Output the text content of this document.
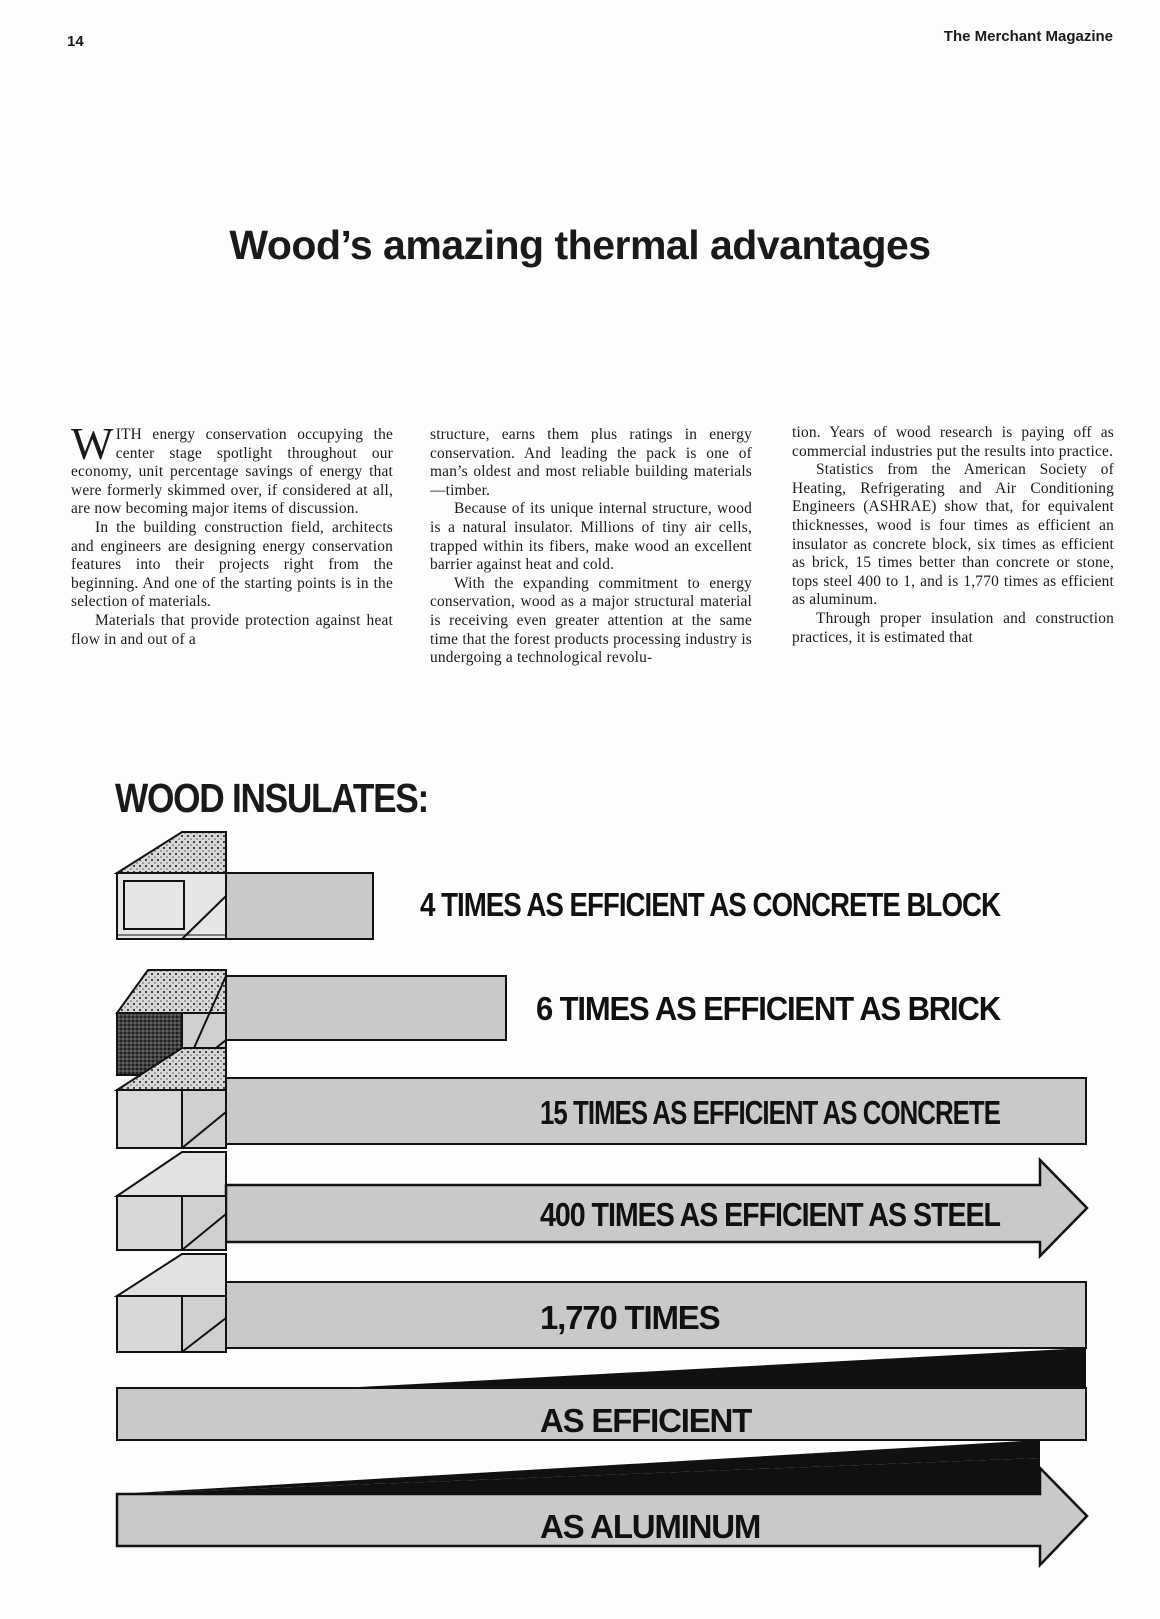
14	The Merchant Magazine
Wood’s amazing thermal advantages

WITH energy conservation occupying the center stage spotlight throughout our economy, unit percentage savings of energy that were formerly skimmed over, if considered at all, are now becoming major items of discussion.

In the building construction field, architects and engineers are designing energy conservation features into their projects right from the beginning. And one of the starting points is in the selection of materials.

Materials that provide protection against heat flow in and out of a

structure, earns them plus ratings in energy conservation. And leading the pack is one of man’s oldest and most reliable building materials—timber.

Because of its unique internal structure, wood is a natural insulator. Millions of tiny air cells, trapped within its fibers, make wood an excellent barrier against heat and cold.

With the expanding commitment to energy conservation, wood as a major structural material is receiving even greater attention at the same time that the forest products processing industry is undergoing a technological revolu-

tion. Years of wood research is paying off as commercial industries put the results into practice.

Statistics from the American Society of Heating, Refrigerating and Air Conditioning Engineers (ASHRAE) show that, for equivalent thicknesses, wood is four times as efficient an insulator as concrete block, six times as efficient as brick, 15 times better than concrete or stone, tops steel 400 to 1, and is 1,770 times as efficient as aluminum.

Through proper insulation and construction practices, it is estimated that

WOOD INSULATES:
4 TIMES AS EFFICIENT AS CONCRETE BLOCK
6 TIMES AS EFFICIENT AS BRICK
15 TIMES AS EFFICIENT AS CONCRETE
400 TIMES AS EFFICIENT AS STEEL
1,770 TIMES
AS EFFICIENT
AS ALUMINUM
